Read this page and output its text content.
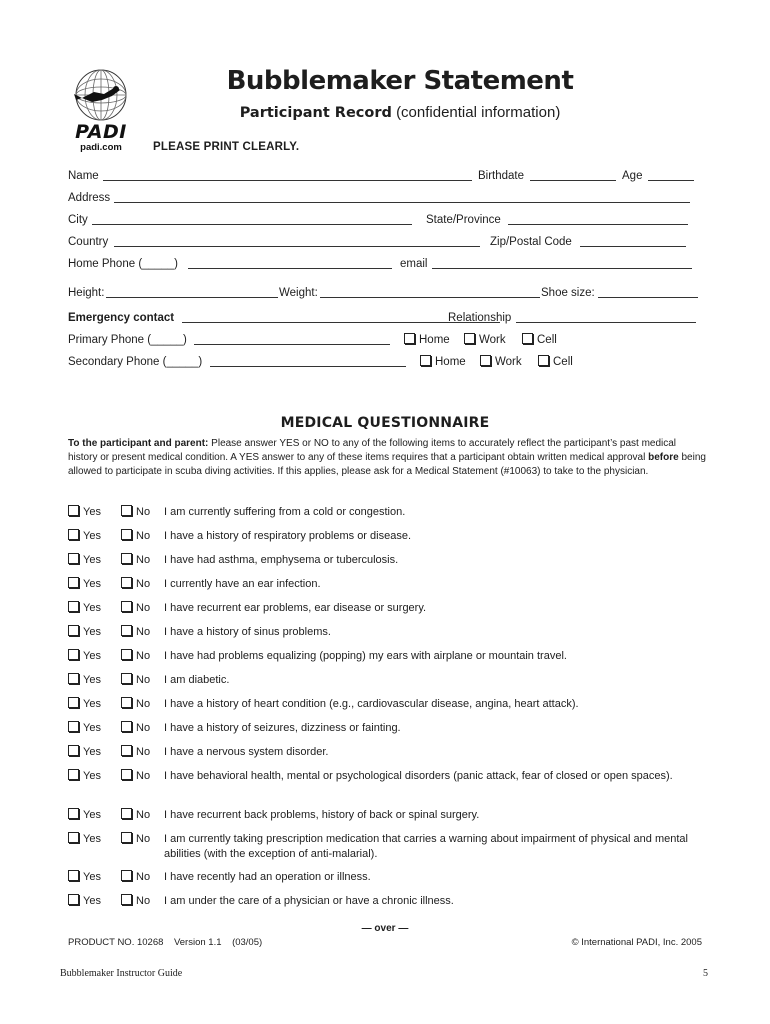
PADI
padi.com
Bubblemaker Statement
Participant Record (confidential information)
PLEASE PRINT CLEARLY.
Name	Birthdate	Age
Address
City	State/Province
Country	Zip/Postal Code
Home Phone (_____)	email
Height:	Weight:	Shoe size:
Emergency contact	Relationship
Primary Phone (_____)	Home	Work	Cell
Secondary Phone (_____)	Home	Work	Cell
MEDICAL QUESTIONNAIRE
To the participant and parent: Please answer YES or NO to any of the following items to accurately reflect the participant’s past medical history or present medical condition. A YES answer to any of these items requires that a participant obtain written medical approval before being allowed to participate in scuba diving activities. If this applies, please ask for a Medical Statement (#10063) to take to the physician.
Yes	No I am currently suffering from a cold or congestion.
Yes	No I have a history of respiratory problems or disease.
Yes	No I have had asthma, emphysema or tuberculosis.
Yes	No I currently have an ear infection.
Yes	No I have recurrent ear problems, ear disease or surgery.
Yes	No I have a history of sinus problems.
Yes	No I have had problems equalizing (popping) my ears with airplane or mountain travel.
Yes	No I am diabetic.
Yes	No I have a history of heart condition (e.g., cardiovascular disease, angina, heart attack).
Yes	No I have a history of seizures, dizziness or fainting.
Yes	No I have a nervous system disorder.
Yes	No I have behavioral health, mental or psychological disorders (panic attack, fear of closed or open spaces).
Yes	No I have recurrent back problems, history of back or spinal surgery.
Yes	No I am currently taking prescription medication that carries a warning about impairment of physical and mental abilities (with the exception of anti-malarial).
Yes	No I have recently had an operation or illness.
Yes	No I am under the care of a physician or have a chronic illness.
— over —
PRODUCT NO. 10268 Version 1.1 (03/05)	© International PADI, Inc. 2005
Bubblemaker Instructor Guide	5
